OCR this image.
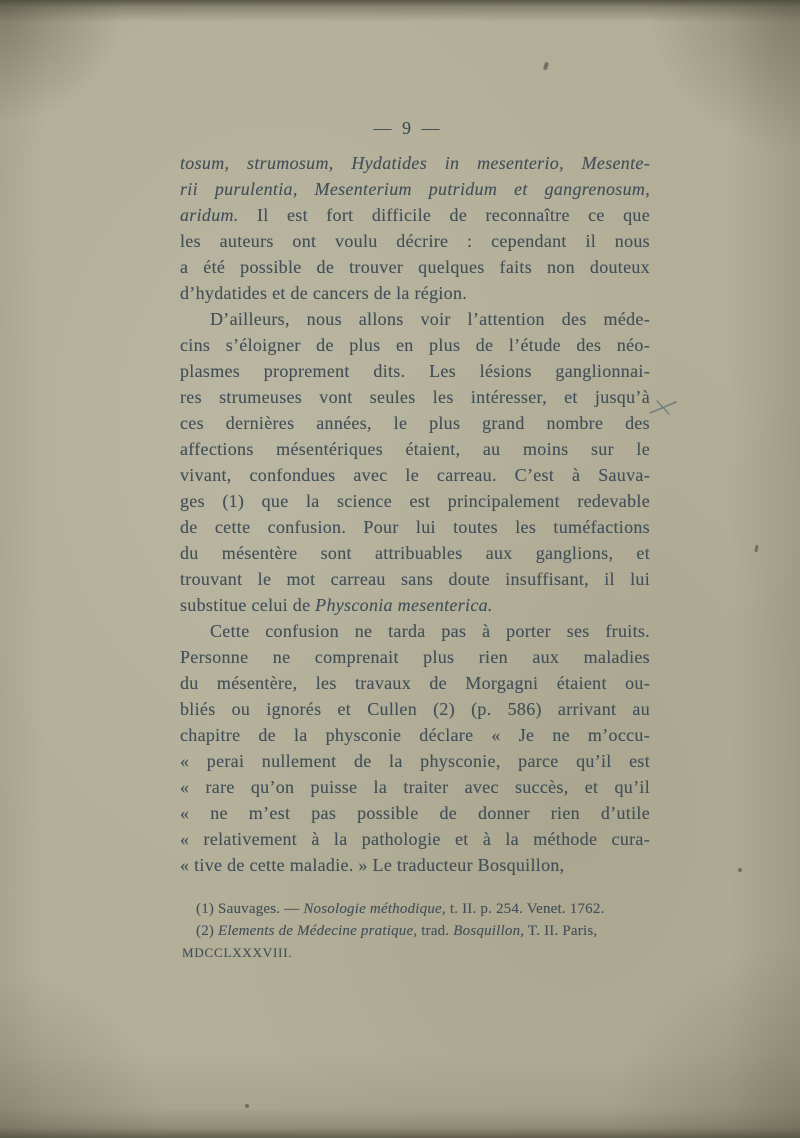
— 9 —
tosum, strumosum, Hydatides in mesenterio, Mesente-
rii purulentia, Mesenterium putridum et gangrenosum,
aridum. Il est fort difficile de reconnaître ce que
les auteurs ont voulu décrire : cependant il nous
a été possible de trouver quelques faits non douteux
d’hydatides et de cancers de la région.
D’ailleurs, nous allons voir l’attention des méde-
cins s’éloigner de plus en plus de l’étude des néo-
plasmes proprement dits. Les lésions ganglionnai-
res strumeuses vont seules les intéresser, et jusqu’à
ces dernières années, le plus grand nombre des
affections mésentériques étaient, au moins sur le
vivant, confondues avec le carreau. C’est à Sauva-
ges (1) que la science est principalement redevable
de cette confusion. Pour lui toutes les tuméfactions
du mésentère sont attribuables aux ganglions, et
trouvant le mot carreau sans doute insuffisant, il lui
substitue celui de Physconia mesenterica.
Cette confusion ne tarda pas à porter ses fruits.
Personne ne comprenait plus rien aux maladies
du mésentère, les travaux de Morgagni étaient ou-
bliés ou ignorés et Cullen (2) (p. 586) arrivant au
chapitre de la physconie déclare « Je ne m’occu-
« perai nullement de la physconie, parce qu’il est
« rare qu’on puisse la traiter avec succès, et qu’il
« ne m’est pas possible de donner rien d’utile
« relativement à la pathologie et à la méthode cura-
« tive de cette maladie. » Le traducteur Bosquillon,
(1) Sauvages. — Nosologie méthodique, t. II. p. 254. Venet. 1762.
(2) Elements de Médecine pratique, trad. Bosquillon, T. II. Paris,
MDCCLXXXVIII.
